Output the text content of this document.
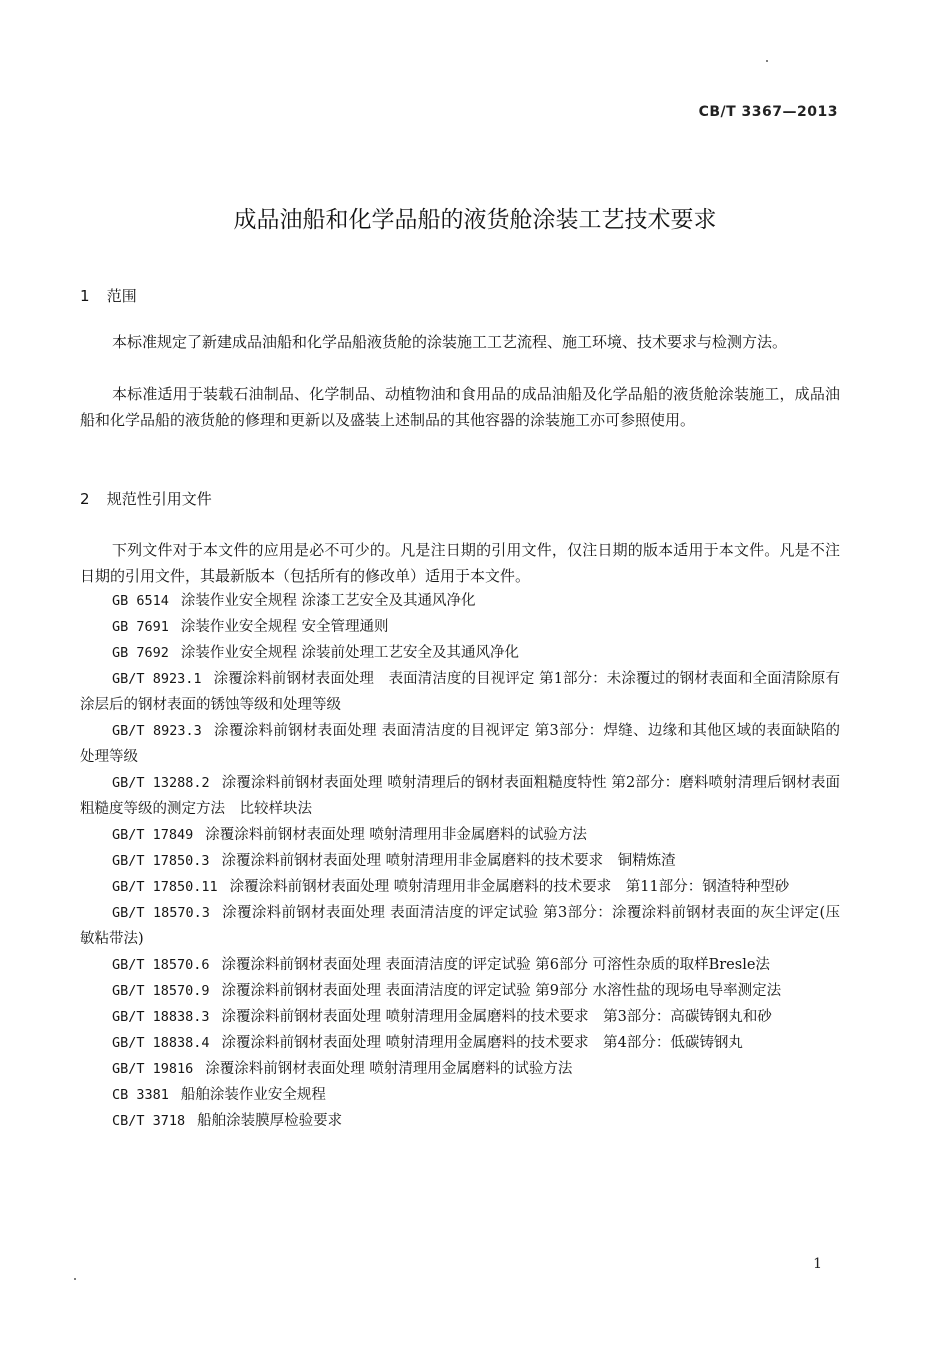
CB/T 3367—2013
成品油船和化学品船的液货舱涂装工艺技术要求
1 范围
本标准规定了新建成品油船和化学品船液货舱的涂装施工工艺流程、施工环境、技术要求与检测方法。
本标准适用于装载石油制品、化学制品、动植物油和食用品的成品油船及化学品船的液货舱涂装施工，成品油船和化学品船的液货舱的修理和更新以及盛装上述制品的其他容器的涂装施工亦可参照使用。
2 规范性引用文件
下列文件对于本文件的应用是必不可少的。凡是注日期的引用文件，仅注日期的版本适用于本文件。凡是不注日期的引用文件，其最新版本（包括所有的修改单）适用于本文件。

GB 6514 涂装作业安全规程 涂漆工艺安全及其通风净化

GB 7691 涂装作业安全规程 安全管理通则

GB 7692 涂装作业安全规程 涂装前处理工艺安全及其通风净化

GB/T 8923.1 涂覆涂料前钢材表面处理　表面清洁度的目视评定 第1部分：未涂覆过的钢材表面和全面清除原有涂层后的钢材表面的锈蚀等级和处理等级

GB/T 8923.3 涂覆涂料前钢材表面处理 表面清洁度的目视评定 第3部分：焊缝、边缘和其他区域的表面缺陷的处理等级

GB/T 13288.2 涂覆涂料前钢材表面处理 喷射清理后的钢材表面粗糙度特性 第2部分：磨料喷射清理后钢材表面粗糙度等级的测定方法　比较样块法

GB/T 17849 涂覆涂料前钢材表面处理 喷射清理用非金属磨料的试验方法

GB/T 17850.3 涂覆涂料前钢材表面处理 喷射清理用非金属磨料的技术要求　铜精炼渣

GB/T 17850.11 涂覆涂料前钢材表面处理 喷射清理用非金属磨料的技术要求　第11部分：钢渣特种型砂

GB/T 18570.3 涂覆涂料前钢材表面处理 表面清洁度的评定试验 第3部分：涂覆涂料前钢材表面的灰尘评定(压敏粘带法)

GB/T 18570.6 涂覆涂料前钢材表面处理 表面清洁度的评定试验 第6部分 可溶性杂质的取样Bresle法

GB/T 18570.9 涂覆涂料前钢材表面处理 表面清洁度的评定试验 第9部分 水溶性盐的现场电导率测定法

GB/T 18838.3 涂覆涂料前钢材表面处理 喷射清理用金属磨料的技术要求　第3部分：高碳铸钢丸和砂

GB/T 18838.4 涂覆涂料前钢材表面处理 喷射清理用金属磨料的技术要求　第4部分：低碳铸钢丸

GB/T 19816 涂覆涂料前钢材表面处理 喷射清理用金属磨料的试验方法

CB 3381 船舶涂装作业安全规程

CB/T 3718 船舶涂装膜厚检验要求

1
